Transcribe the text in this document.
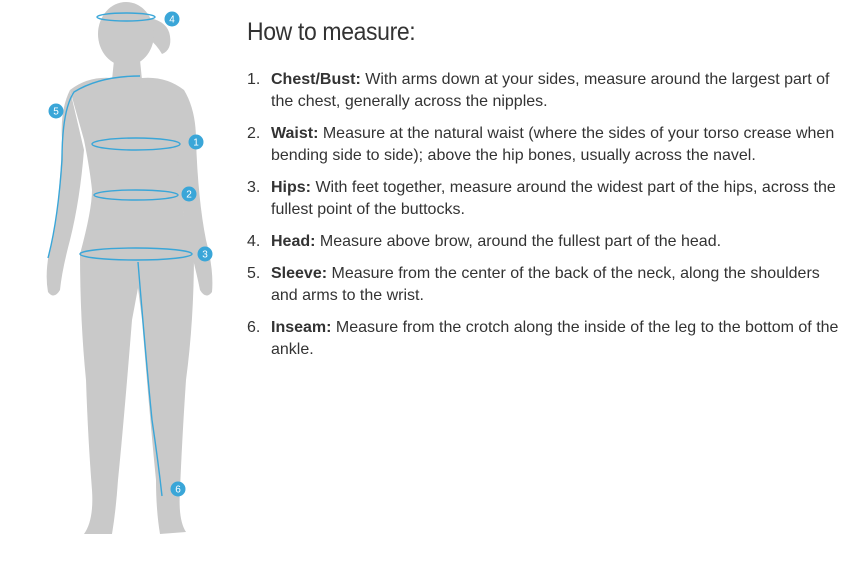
1
2
3
4
5
6
How to measure:
1. Chest/Bust: With arms down at your sides, measure around the largest part of the chest, generally across the nipples.
2. Waist: Measure at the natural waist (where the sides of your torso crease when bending side to side); above the hip bones, usually across the navel.
3. Hips: With feet together, measure around the widest part of the hips, across the fullest point of the buttocks.
4. Head: Measure above brow, around the fullest part of the head.
5. Sleeve: Measure from the center of the back of the neck, along the shoulders and arms to the wrist.
6. Inseam: Measure from the crotch along the inside of the leg to the bottom of the ankle.
